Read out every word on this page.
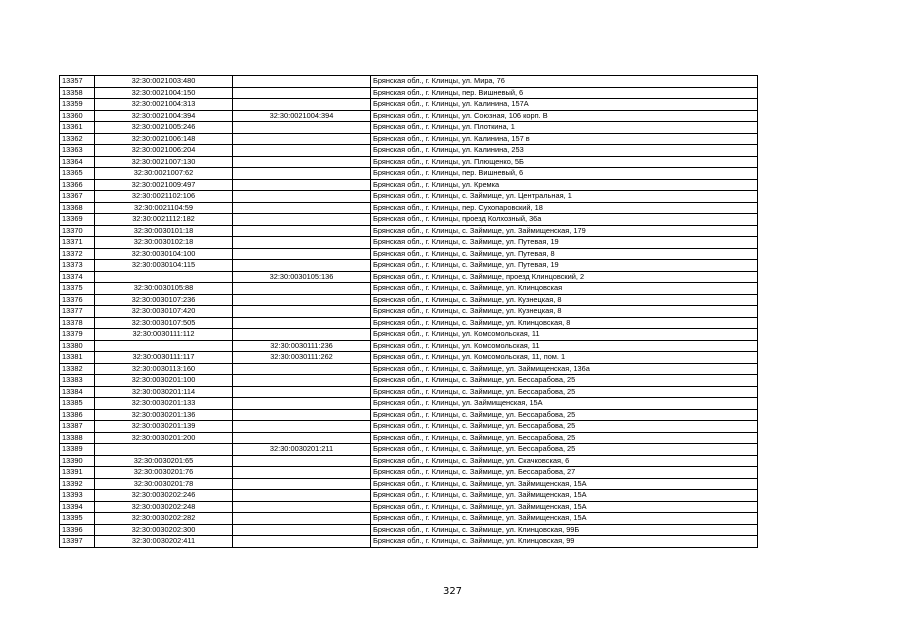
13357	32:30:0021003:480		Брянская обл., г. Клинцы, ул. Мира, 76
13358	32:30:0021004:150		Брянская обл., г. Клинцы, пер. Вишневый, 6
13359	32:30:0021004:313		Брянская обл., г. Клинцы, ул. Калинина, 157А
13360	32:30:0021004:394	32:30:0021004:394	Брянская обл., г. Клинцы, ул. Союзная, 106 корп. В
13361	32:30:0021005:246		Брянская обл., г. Клинцы, ул. Плоткина, 1
13362	32:30:0021006:148		Брянская обл., г. Клинцы, ул. Калинина, 157 в
13363	32:30:0021006:204		Брянская обл., г. Клинцы, ул. Калинина, 253
13364	32:30:0021007:130		Брянская обл., г. Клинцы, ул. Плющенко, 5Б
13365	32:30:0021007:62		Брянская обл., г. Клинцы, пер. Вишневый, 6
13366	32:30:0021009:497		Брянская обл., г. Клинцы, ул. Кремка
13367	32:30:0021102:106		Брянская обл., г. Клинцы, с. Займище, ул. Центральная, 1
13368	32:30:0021104:59		Брянская обл., г. Клинцы, пер. Сухопаровский, 18
13369	32:30:0021112:182		Брянская обл., г. Клинцы, проезд Колхозный, 36а
13370	32:30:0030101:18		Брянская обл., г. Клинцы, с. Займище, ул. Займищенская, 179
13371	32:30:0030102:18		Брянская обл., г. Клинцы, с. Займище, ул. Путевая, 19
13372	32:30:0030104:100		Брянская обл., г. Клинцы, с. Займище, ул. Путевая, 8
13373	32:30:0030104:115		Брянская обл., г. Клинцы, с. Займище, ул. Путевая, 19
13374		32:30:0030105:136	Брянская обл., г. Клинцы, с. Займище, проезд Клинцовский, 2
13375	32:30:0030105:88		Брянская обл., г. Клинцы, с. Займище, ул. Клинцовская
13376	32:30:0030107:236		Брянская обл., г. Клинцы, с. Займище, ул. Кузнецкая, 8
13377	32:30:0030107:420		Брянская обл., г. Клинцы, с. Займище, ул. Кузнецкая, 8
13378	32:30:0030107:505		Брянская обл., г. Клинцы, с. Займище, ул. Клинцовская, 8
13379	32:30:0030111:112		Брянская обл., г. Клинцы, ул. Комсомольская, 11
13380		32:30:0030111:236	Брянская обл., г. Клинцы, ул. Комсомольская, 11
13381	32:30:0030111:117	32:30:0030111:262	Брянская обл., г. Клинцы, ул. Комсомольская, 11, пом. 1
13382	32:30:0030113:160		Брянская обл., г. Клинцы, с. Займище, ул. Займищенская, 136а
13383	32:30:0030201:100		Брянская обл., г. Клинцы, с. Займище, ул. Бессарабова, 25
13384	32:30:0030201:114		Брянская обл., г. Клинцы, с. Займище, ул. Бессарабова, 25
13385	32:30:0030201:133		Брянская обл., г. Клинцы, ул. Займищенская, 15А
13386	32:30:0030201:136		Брянская обл., г. Клинцы, с. Займище, ул. Бессарабова, 25
13387	32:30:0030201:139		Брянская обл., г. Клинцы, с. Займище, ул. Бессарабова, 25
13388	32:30:0030201:200		Брянская обл., г. Клинцы, с. Займище, ул. Бессарабова, 25
13389		32:30:0030201:211	Брянская обл., г. Клинцы, с. Займище, ул. Бессарабова, 25
13390	32:30:0030201:65		Брянская обл., г. Клинцы, с. Займище, ул. Скачковская, 6
13391	32:30:0030201:76		Брянская обл., г. Клинцы, с. Займище, ул. Бессарабова, 27
13392	32:30:0030201:78		Брянская обл., г. Клинцы, с. Займище, ул. Займищенская, 15А
13393	32:30:0030202:246		Брянская обл., г. Клинцы, с. Займище, ул. Займищенская, 15А
13394	32:30:0030202:248		Брянская обл., г. Клинцы, с. Займище, ул. Займищенская, 15А
13395	32:30:0030202:282		Брянская обл., г. Клинцы, с. Займище, ул. Займищенская, 15А
13396	32:30:0030202:300		Брянская обл., г. Клинцы, с. Займище, ул. Клинцовская, 99Б
13397	32:30:0030202:411		Брянская обл., г. Клинцы, с. Займище, ул. Клинцовская, 99
327
